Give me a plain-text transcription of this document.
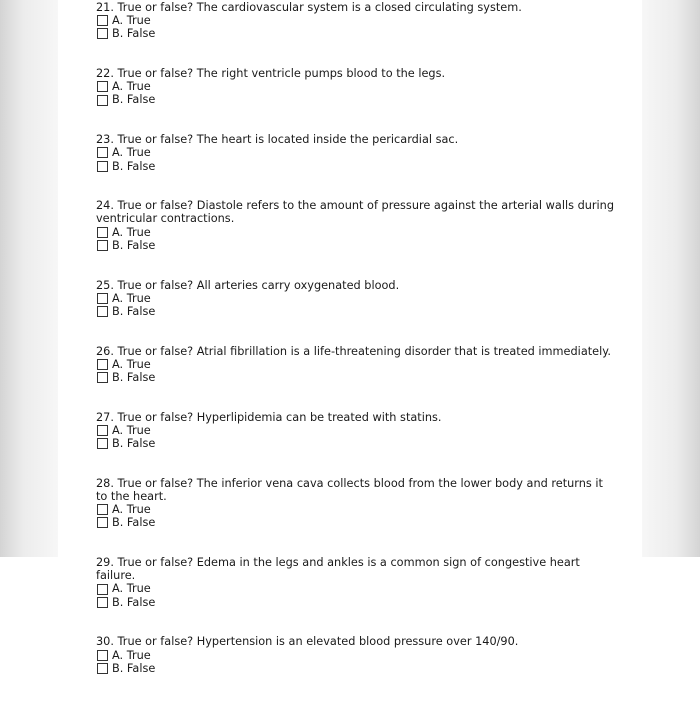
21. True or false? The cardiovascular system is a closed circulating system.
A. True
B. False
22. True or false? The right ventricle pumps blood to the legs.
A. True
B. False
23. True or false? The heart is located inside the pericardial sac.
A. True
B. False
24. True or false? Diastole refers to the amount of pressure against the arterial walls during ventricular contractions.
A. True
B. False
25. True or false? All arteries carry oxygenated blood.
A. True
B. False
26. True or false? Atrial fibrillation is a life-threatening disorder that is treated immediately.
A. True
B. False
27. True or false? Hyperlipidemia can be treated with statins.
A. True
B. False
28. True or false? The inferior vena cava collects blood from the lower body and returns it to the heart.
A. True
B. False
29. True or false? Edema in the legs and ankles is a common sign of congestive heart failure.
A. True
B. False
30. True or false? Hypertension is an elevated blood pressure over 140/90.
A. True
B. False
